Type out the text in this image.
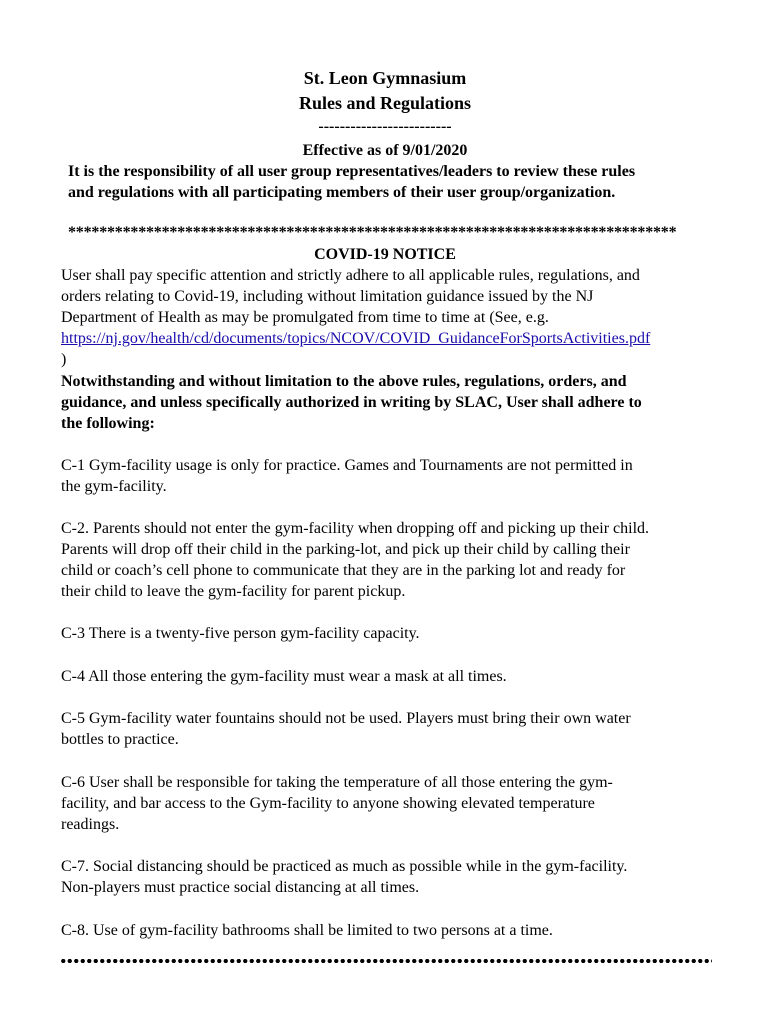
St. Leon Gymnasium
Rules and Regulations
-------------------------
Effective as of 9/01/2020
It is the responsibility of all user group representatives/leaders to review these rules
and regulations with all participating members of their user group/organization.
******************************************************************************
COVID-19 NOTICE
User shall pay specific attention and strictly adhere to all applicable rules, regulations, and
orders relating to Covid-19, including without limitation guidance issued by the NJ
Department of Health as may be promulgated from time to time at (See, e.g.
https://nj.gov/health/cd/documents/topics/NCOV/COVID_GuidanceForSportsActivities.pdf
)
Notwithstanding and without limitation to the above rules, regulations, orders, and
guidance, and unless specifically authorized in writing by SLAC, User shall adhere to
the following:
C-1 Gym-facility usage is only for practice. Games and Tournaments are not permitted in
the gym-facility.
C-2. Parents should not enter the gym-facility when dropping off and picking up their child.
Parents will drop off their child in the parking-lot, and pick up their child by calling their
child or coach’s cell phone to communicate that they are in the parking lot and ready for
their child to leave the gym-facility for parent pickup.
C-3 There is a twenty-five person gym-facility capacity.
C-4 All those entering the gym-facility must wear a mask at all times.
C-5 Gym-facility water fountains should not be used. Players must bring their own water
bottles to practice.
C-6 User shall be responsible for taking the temperature of all those entering the gym-
facility, and bar access to the Gym-facility to anyone showing elevated temperature
readings.
C-7. Social distancing should be practiced as much as possible while in the gym-facility.
Non-players must practice social distancing at all times.
C-8. Use of gym-facility bathrooms shall be limited to two persons at a time.
